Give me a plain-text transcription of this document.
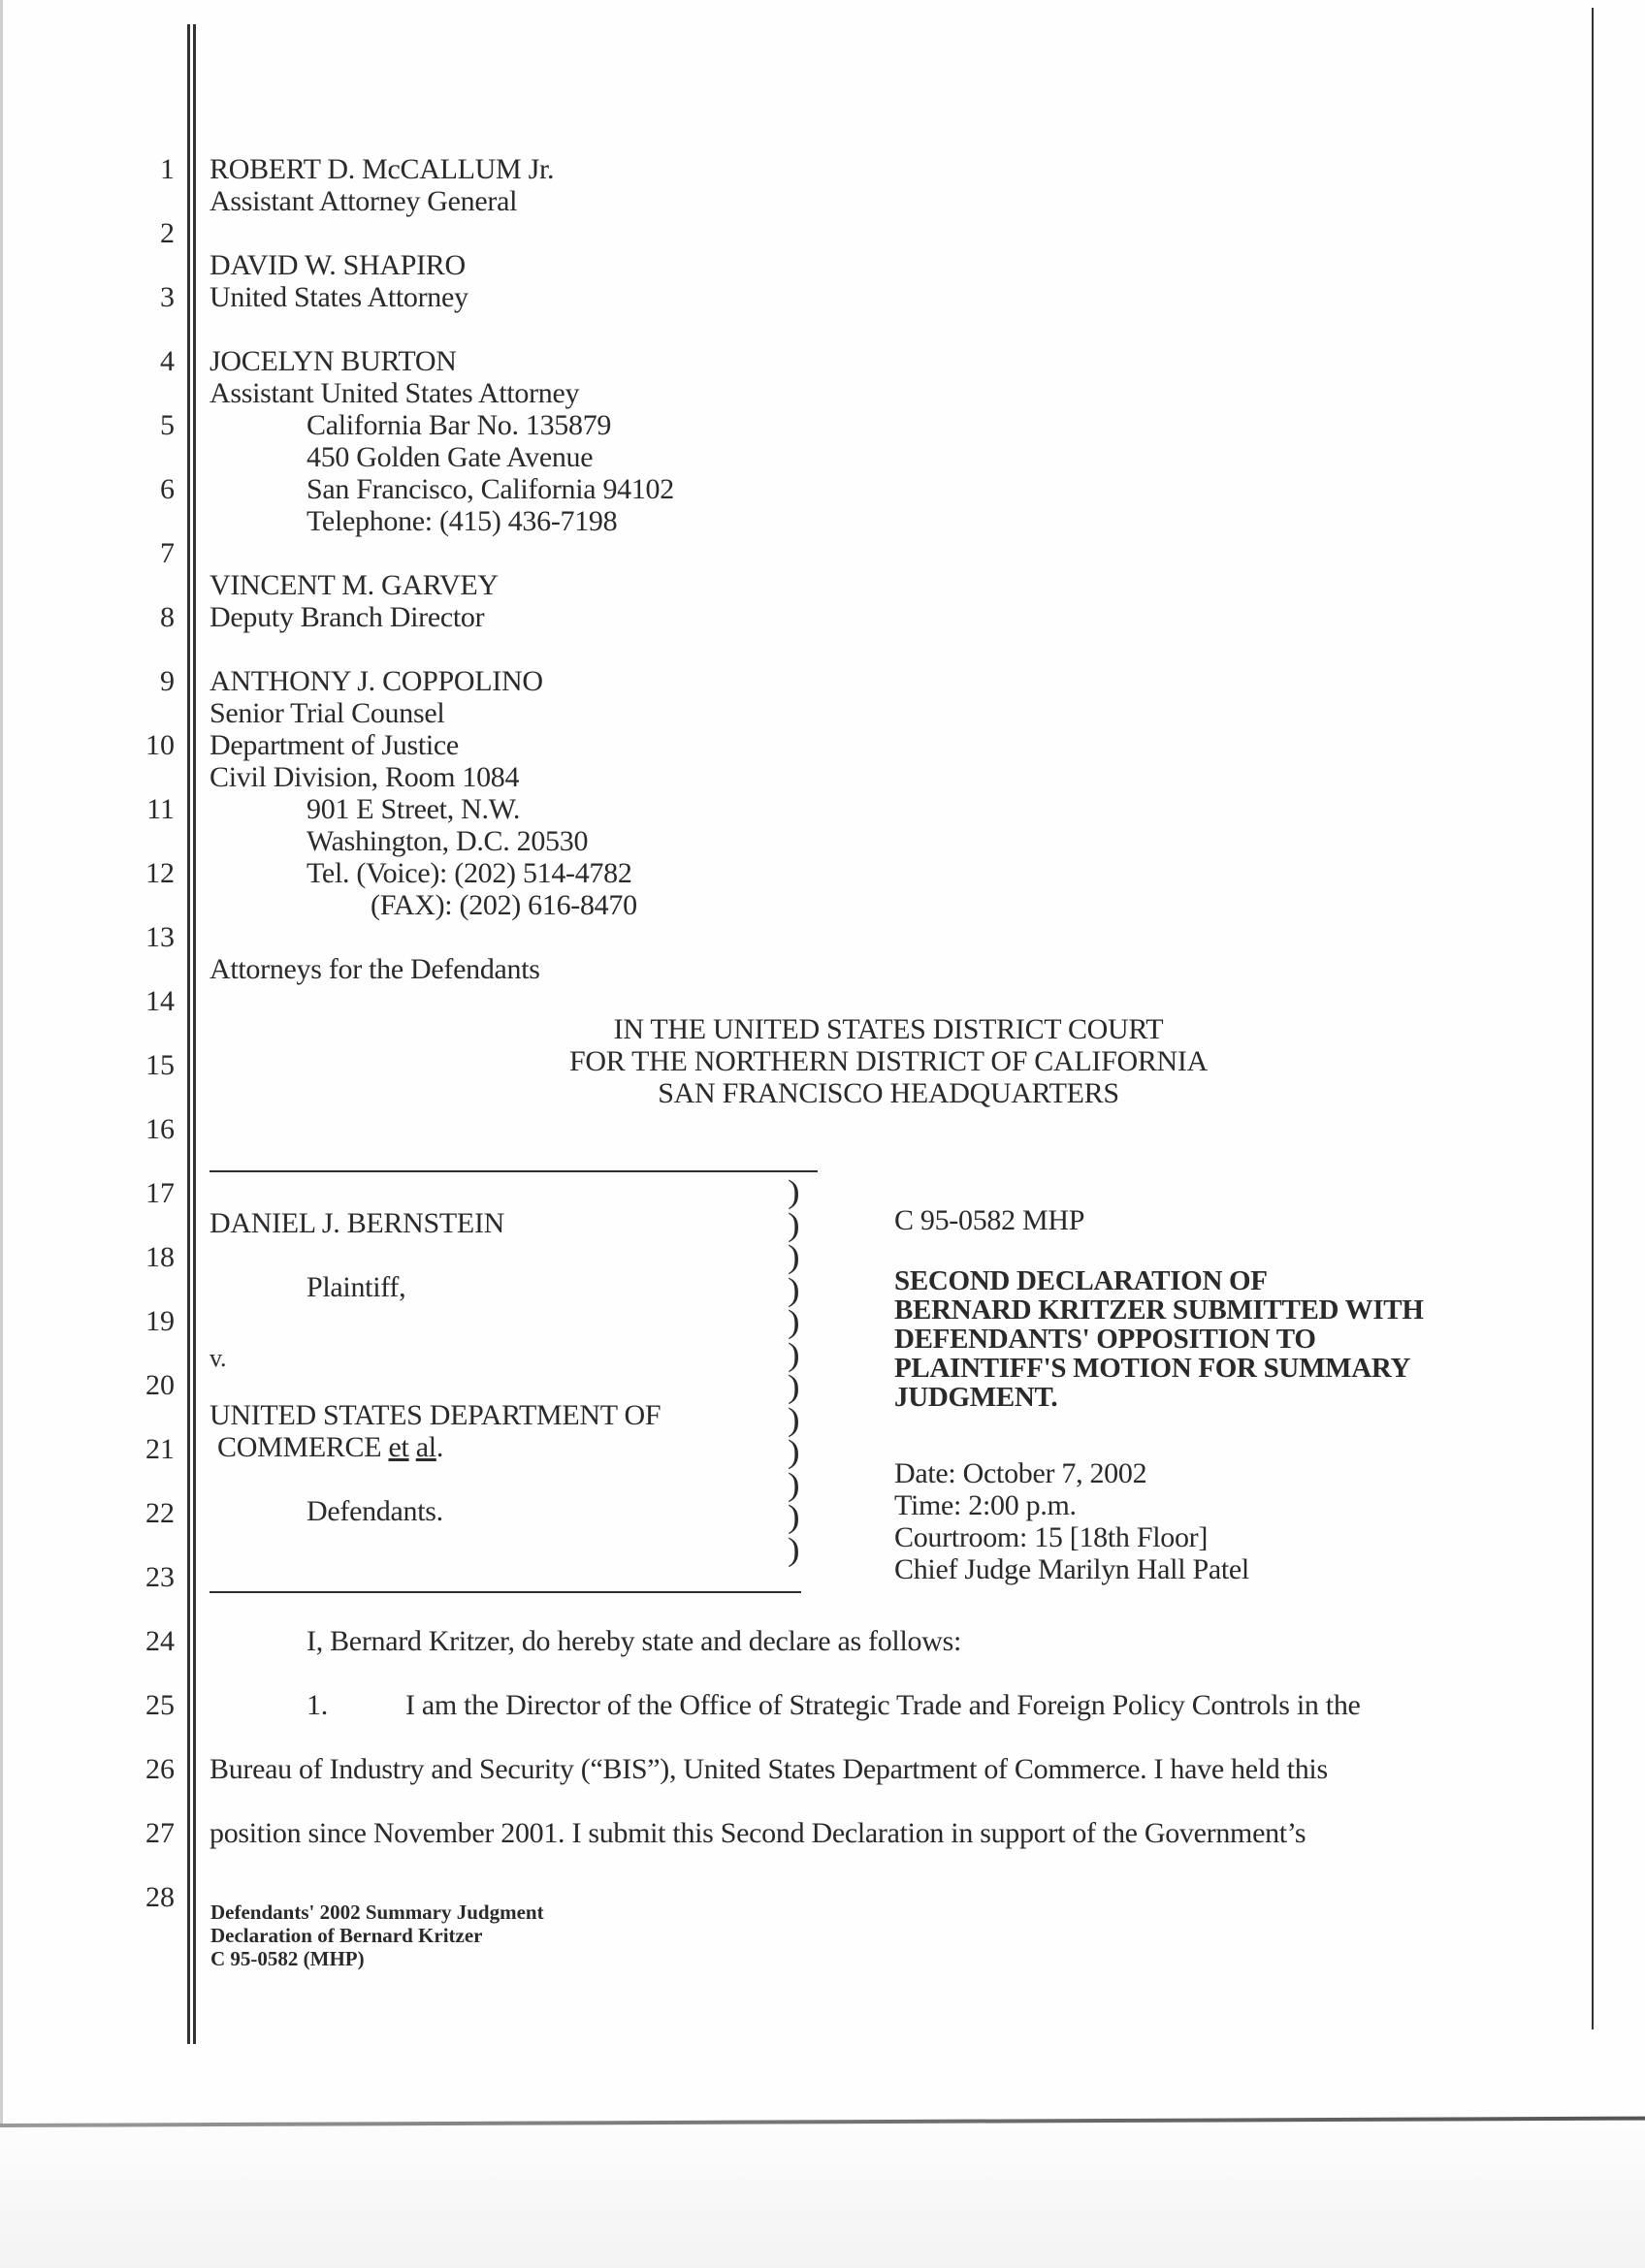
1
2
3
4
5
6
7
8
9
10
11
12
13
14
15
16
17
18
19
20
21
22
23
24
25
26
27
28
ROBERT D. McCALLUM Jr.
Assistant Attorney General
DAVID W. SHAPIRO
United States Attorney
JOCELYN BURTON
Assistant United States Attorney
California Bar No. 135879
450 Golden Gate Avenue
San Francisco, California 94102
Telephone: (415) 436-7198
VINCENT M. GARVEY
Deputy Branch Director
ANTHONY J. COPPOLINO
Senior Trial Counsel
Department of Justice
Civil Division, Room 1084
901 E Street, N.W.
Washington, D.C. 20530
Tel. (Voice): (202) 514-4782
(FAX): (202) 616-8470
Attorneys for the Defendants
IN THE UNITED STATES DISTRICT COURT
FOR THE NORTHERN DISTRICT OF CALIFORNIA
SAN FRANCISCO HEADQUARTERS
DANIEL J. BERNSTEIN
Plaintiff,
v.
UNITED STATES DEPARTMENT OF
COMMERCE et al.
Defendants.
)
)
)
)
)
)
)
)
)
)
)
)
C 95-0582 MHP
SECOND DECLARATION OF
BERNARD KRITZER SUBMITTED WITH
DEFENDANTS' OPPOSITION TO
PLAINTIFF'S MOTION FOR SUMMARY
JUDGMENT.
Date: October 7, 2002
Time: 2:00 p.m.
Courtroom: 15 [18th Floor]
Chief Judge Marilyn Hall Patel
I, Bernard Kritzer, do hereby state and declare as follows:
1.	I am the Director of the Office of Strategic Trade and Foreign Policy Controls in the
Bureau of Industry and Security (“BIS”), United States Department of Commerce. I have held this
position since November 2001. I submit this Second Declaration in support of the Government’s
Defendants' 2002 Summary Judgment
Declaration of Bernard Kritzer
C 95-0582 (MHP)
